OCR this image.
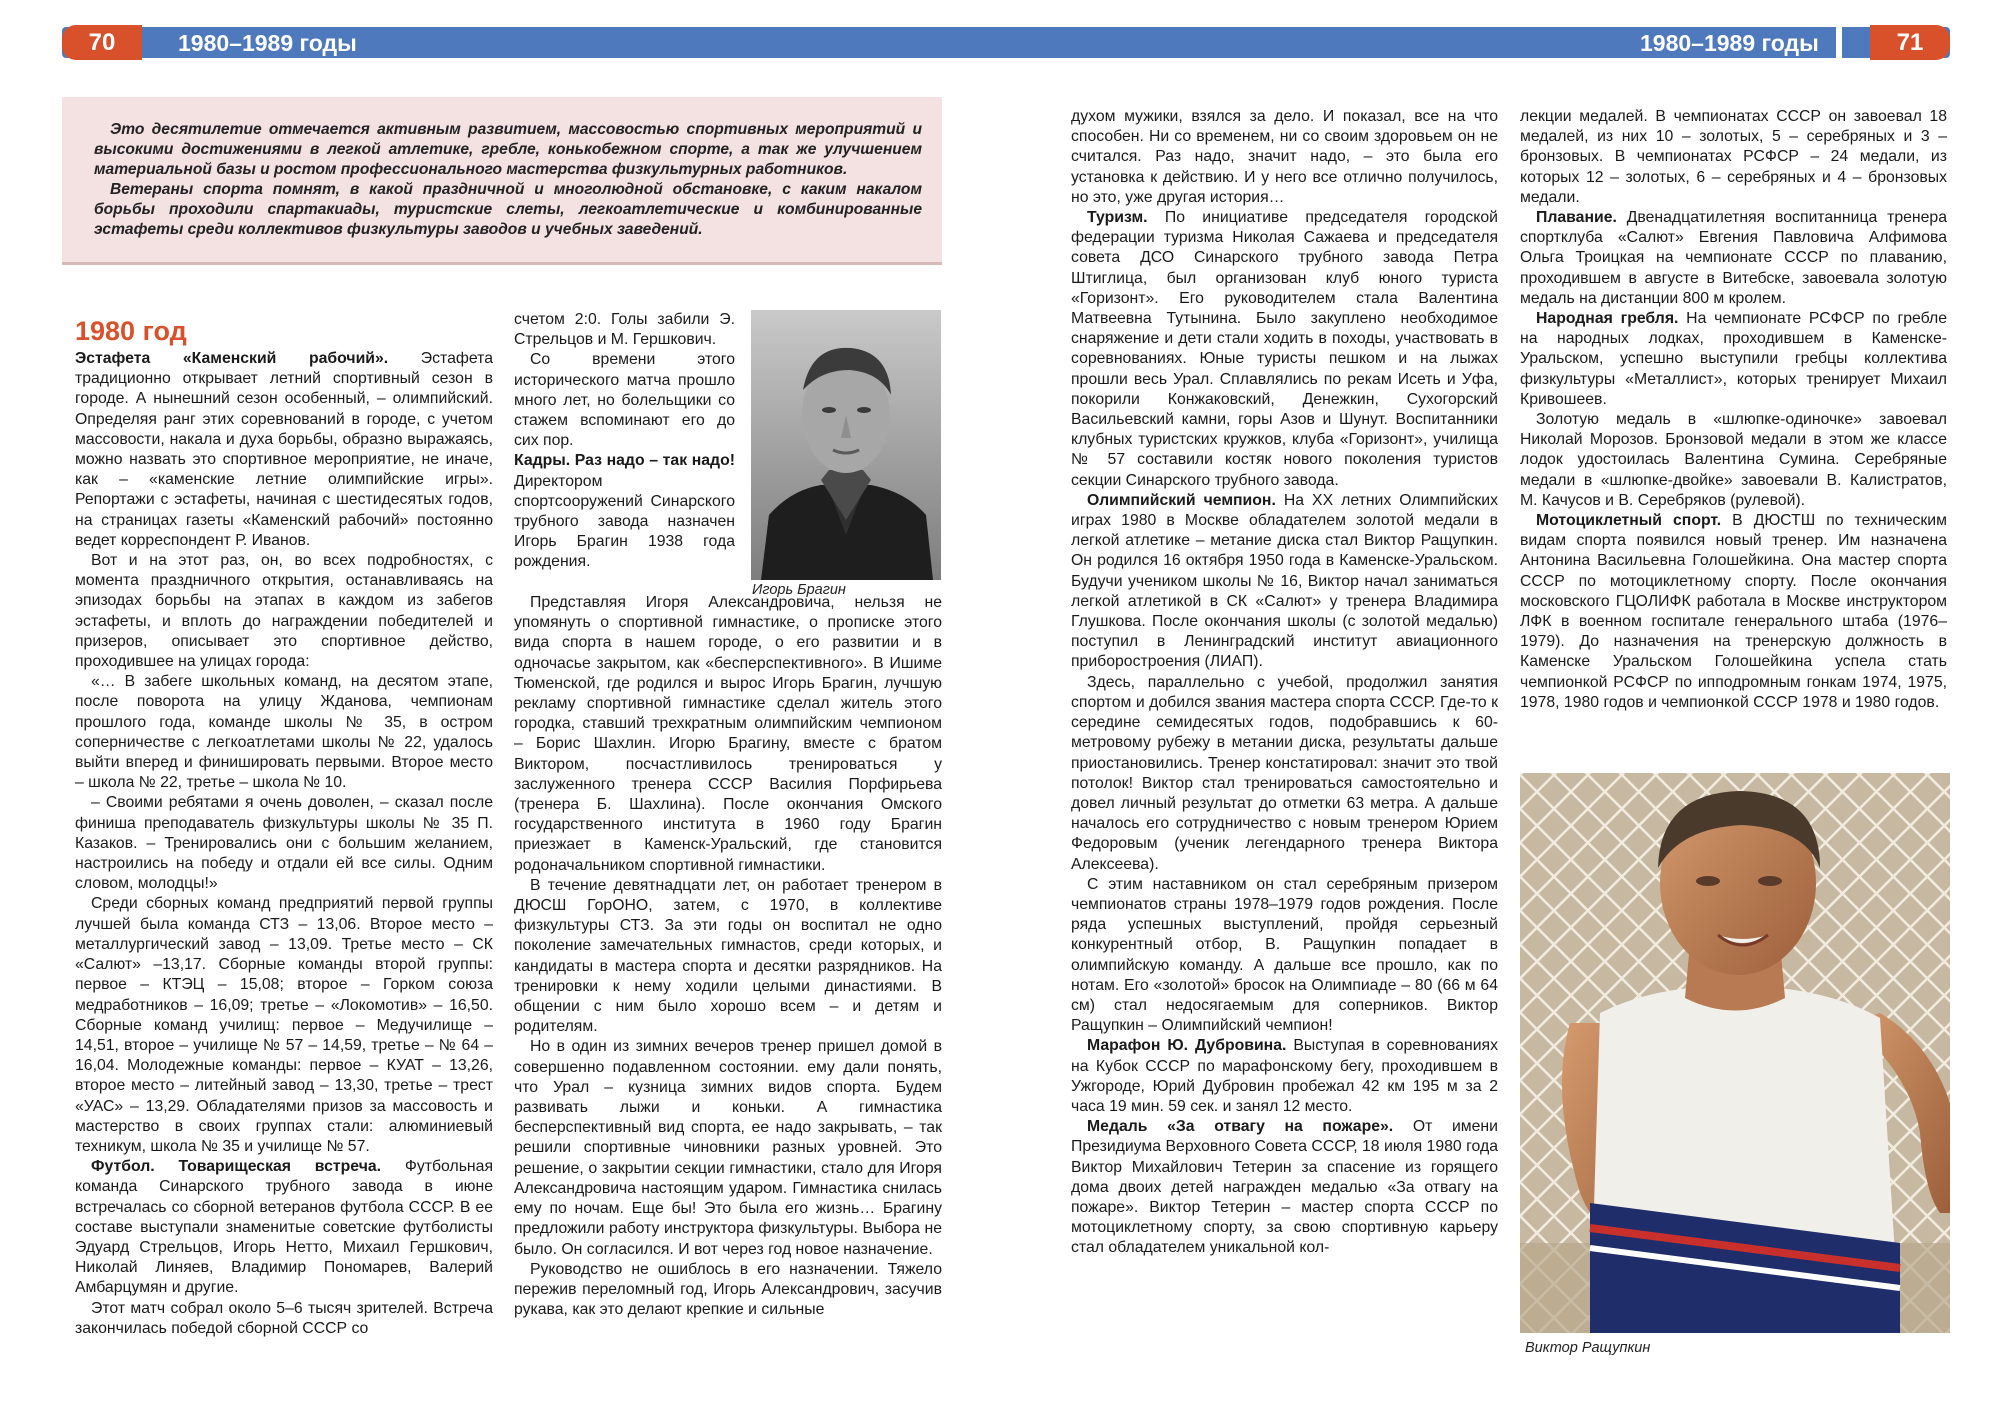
70	71
1980–1989 годы	1980–1989 годы

Это десятилетие отмечается активным развитием, массовостью спортивных мероприятий и высокими достижениями в легкой атлетике, гребле, конькобежном спорте, а так же улучшением материальной базы и ростом профессионального мастерства физкультурных работников.

Ветераны спорта помнят, в какой праздничной и многолюдной обстановке, с каким накалом борьбы проходили спартакиады, туристские слеты, легкоатлетические и комбинированные эстафеты среди коллективов физкультуры заводов и учебных заведений.

1980 год

Эстафета «Каменский рабочий». Эстафета традиционно открывает летний спортивный сезон в городе. А нынешний сезон особенный, – олимпийский. Определяя ранг этих соревнований в городе, с учетом массовости, накала и духа борьбы, образно выражаясь, можно назвать это спортивное мероприятие, не иначе, как – «каменские летние олимпийские игры». Репортажи с эстафеты, начиная с шестидесятых годов, на страницах газеты «Каменский рабочий» постоянно ведет корреспондент Р. Иванов.

Вот и на этот раз, он, во всех подробностях, с момента праздничного открытия, останавливаясь на эпизодах борьбы на этапах в каждом из забегов эстафеты, и вплоть до награждении победителей и призеров, описывает это спортивное действо, проходившее на улицах города:

«… В забеге школьных команд, на десятом этапе, после поворота на улицу Жданова, чемпионам прошлого года, команде школы № 35, в остром соперничестве с легкоатлетами школы № 22, удалось выйти вперед и финишировать первыми. Второе место – школа № 22, третье – школа № 10.

– Своими ребятами я очень доволен, – сказал после финиша преподаватель физкультуры школы № 35 П. Казаков. – Тренировались они с большим желанием, настроились на победу и отдали ей все силы. Одним словом, молодцы!»

Среди сборных команд предприятий первой группы лучшей была команда СТЗ – 13,06. Второе место – металлургический завод – 13,09. Третье место – СК «Салют» –13,17. Сборные команды второй группы: первое – КТЭЦ – 15,08; второе – Горком союза медработников – 16,09; третье – «Локомотив» – 16,50. Сборные команд училищ: первое – Медучилище – 14,51, второе – училище № 57 – 14,59, третье – № 64 – 16,04. Молодежные команды: первое – КУАТ – 13,26, второе место – литейный завод – 13,30, третье – трест «УАС» – 13,29. Обладателями призов за массовость и мастерство в своих группах стали: алюминиевый техникум, школа № 35 и училище № 57.

Футбол. Товарищеская встреча. Футбольная команда Синарского трубного завода в июне встречалась со сборной ветеранов футбола СССР. В ее составе выступали знаменитые советские футболисты Эдуард Стрельцов, Игорь Нетто, Михаил Гершкович, Николай Линяев, Владимир Пономарев, Валерий Амбарцумян и другие.

Этот матч собрал около 5–6 тысяч зрителей. Встреча закончилась победой сборной СССР со

Игорь Брагин

счетом 2:0. Голы забили Э. Стрельцов и М. Гершкович.

Со времени этого исторического матча прошло много лет, но болельщики со стажем вспоминают его до сих пор.

Кадры. Раз надо – так надо! Директором спортсооружений Синарского трубного завода назначен Игорь Брагин 1938 года рождения.

Представляя Игоря Александровича, нельзя не упомянуть о спортивной гимнастике, о прописке этого вида спорта в нашем городе, о его развитии и в одночасье закрытом, как «бесперспективного». В Ишиме Тюменской, где родился и вырос Игорь Брагин, лучшую рекламу спортивной гимнастике сделал житель этого городка, ставший трехкратным олимпийским чемпионом – Борис Шахлин. Игорю Брагину, вместе с братом Виктором, посчастливилось тренироваться у заслуженного тренера СССР Василия Порфирьева (тренера Б. Шахлина). После окончания Омского государственного института в 1960 году Брагин приезжает в Каменск-Уральский, где становится родоначальником спортивной гимнастики.

В течение девятнадцати лет, он работает тренером в ДЮСШ ГорОНО, затем, с 1970, в коллективе физкультуры СТЗ. За эти годы он воспитал не одно поколение замечательных гимнастов, среди которых, и кандидаты в мастера спорта и десятки разрядников. На тренировки к нему ходили целыми династиями. В общении с ним было хорошо всем – и детям и родителям.

Но в один из зимних вечеров тренер пришел домой в совершенно подавленном состоянии. ему дали понять, что Урал – кузница зимних видов спорта. Будем развивать лыжи и коньки. А гимнастика бесперспективный вид спорта, ее надо закрывать, – так решили спортивные чиновники разных уровней. Это решение, о закрытии секции гимнастики, стало для Игоря Александровича настоящим ударом. Гимнастика снилась ему по ночам. Еще бы! Это была его жизнь… Брагину предложили работу инструктора физкультуры. Выбора не было. Он согласился. И вот через год новое назначение.

Руководство не ошиблось в его назначении. Тяжело пережив переломный год, Игорь Александрович, засучив рукава, как это делают крепкие и сильные

духом мужики, взялся за дело. И показал, все на что способен. Ни со временем, ни со своим здоровьем он не считался. Раз надо, значит надо, – это была его установка к действию. И у него все отлично получилось, но это, уже другая история…

Туризм. По инициативе председателя городской федерации туризма Николая Сажаева и председателя совета ДСО Синарского трубного завода Петра Штиглица, был организован клуб юного туриста «Горизонт». Его руководителем стала Валентина Матвеевна Тутынина. Было закуплено необходимое снаряжение и дети стали ходить в походы, участвовать в соревнованиях. Юные туристы пешком и на лыжах прошли весь Урал. Сплавлялись по рекам Исеть и Уфа, покорили Конжаковский, Денежкин, Сухогорский Васильевский камни, горы Азов и Шунут. Воспитанники клубных туристских кружков, клуба «Горизонт», училища № 57 составили костяк нового поколения туристов секции Синарского трубного завода.

Олимпийский чемпион. На XX летних Олимпийских играх 1980 в Москве обладателем золотой медали в легкой атлетике – метание диска стал Виктор Ращупкин. Он родился 16 октября 1950 года в Каменске-Уральском. Будучи учеником школы № 16, Виктор начал заниматься легкой атлетикой в СК «Салют» у тренера Владимира Глушкова. После окончания школы (с золотой медалью) поступил в Ленинградский институт авиационного приборостроения (ЛИАП).

Здесь, параллельно с учебой, продолжил занятия спортом и добился звания мастера спорта СССР. Где-то к середине семидесятых годов, подобравшись к 60-метровому рубежу в метании диска, результаты дальше приостановились. Тренер констатировал: значит это твой потолок! Виктор стал тренироваться самостоятельно и довел личный результат до отметки 63 метра. А дальше началось его сотрудничество с новым тренером Юрием Федоровым (ученик легендарного тренера Виктора Алексеева).

С этим наставником он стал серебряным призером чемпионатов страны 1978–1979 годов рождения. После ряда успешных выступлений, пройдя серьезный конкурентный отбор, В. Ращупкин попадает в олимпийскую команду. А дальше все прошло, как по нотам. Его «золотой» бросок на Олимпиаде – 80 (66 м 64 см) стал недосягаемым для соперников. Виктор Ращупкин – Олимпийский чемпион!

Марафон Ю. Дубровина. Выступая в соревнованиях на Кубок СССР по марафонскому бегу, проходившем в Ужгороде, Юрий Дубровин пробежал 42 км 195 м за 2 часа 19 мин. 59 сек. и занял 12 место.

Медаль «За отвагу на пожаре». От имени Президиума Верховного Совета СССР, 18 июля 1980 года Виктор Михайлович Тетерин за спасение из горящего дома двоих детей награжден медалью «За отвагу на пожаре». Виктор Тетерин – мастер спорта СССР по мотоциклетному спорту, за свою спортивную карьеру стал обладателем уникальной кол-

лекции медалей. В чемпионатах СССР он завоевал 18 медалей, из них 10 – золотых, 5 – серебряных и 3 – бронзовых. В чемпионатах РСФСР – 24 медали, из которых 12 – золотых, 6 – серебряных и 4 – бронзовых медали.

Плавание. Двенадцатилетняя воспитанница тренера спортклуба «Салют» Евгения Павловича Алфимова Ольга Троицкая на чемпионате СССР по плаванию, проходившем в августе в Витебске, завоевала золотую медаль на дистанции 800 м кролем.

Народная гребля. На чемпионате РСФСР по гребле на народных лодках, проходившем в Каменске-Уральском, успешно выступили гребцы коллектива физкультуры «Металлист», которых тренирует Михаил Кривошеев.

Золотую медаль в «шлюпке-одиночке» завоевал Николай Морозов. Бронзовой медали в этом же классе лодок удостоилась Валентина Сумина. Серебряные медали в «шлюпке-двойке» завоевали В. Калистратов, М. Качусов и В. Серебряков (рулевой).

Мотоциклетный спорт. В ДЮСТШ по техническим видам спорта появился новый тренер. Им назначена Антонина Васильевна Голошейкина. Она мастер спорта СССР по мотоциклетному спорту. После окончания московского ГЦОЛИФК работала в Москве инструктором ЛФК в военном госпитале генерального штаба (1976–1979). До назначения на тренерскую должность в Каменске Уральском Голошейкина успела стать чемпионкой РСФСР по ипподромным гонкам 1974, 1975, 1978, 1980 годов и чемпионкой СССР 1978 и 1980 годов.

Виктор Ращупкин
